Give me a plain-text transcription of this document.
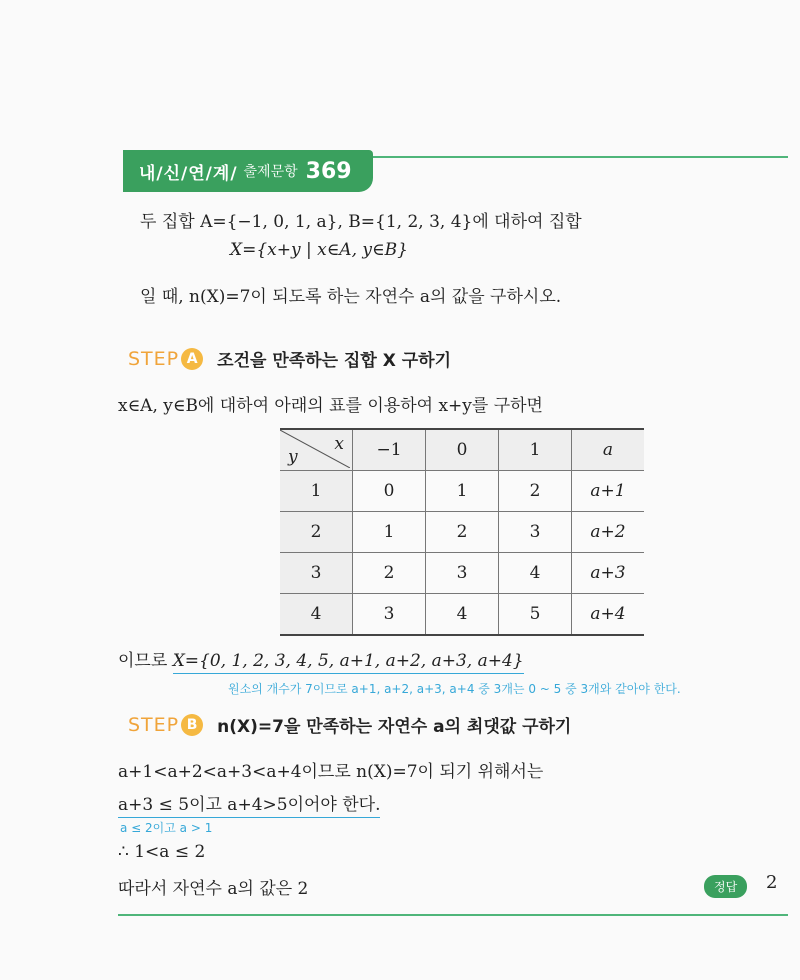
내/신/연/계/ 출제문항 369
두 집합 A={−1, 0, 1, a}, B={1, 2, 3, 4}에 대하여 집합
X={x+y | x∈A, y∈B}
일 때, n(X)=7이 되도록 하는 자연수 a의 값을 구하시오.
STEP A	조건을 만족하는 집합 X 구하기
x∈A, y∈B에 대하여 아래의 표를 이용하여 x+y를 구하면
x
y	−1	0	1	a
1	0	1	2	a+1
2	1	2	3	a+2
3	2	3	4	a+3
4	3	4	5	a+4
이므로 X={0, 1, 2, 3, 4, 5, a+1, a+2, a+3, a+4}
원소의 개수가 7이므로 a+1, a+2, a+3, a+4 중 3개는 0 ~ 5 중 3개와 같아야 한다.
STEP B	n(X)=7을 만족하는 자연수 a의 최댓값 구하기
a+1<a+2<a+3<a+4이므로 n(X)=7이 되기 위해서는
a+3 ≤ 5이고 a+4>5이어야 한다.
a ≤ 2이고 a > 1
∴ 1<a ≤ 2
따라서 자연수 a의 값은 2	정답	2
